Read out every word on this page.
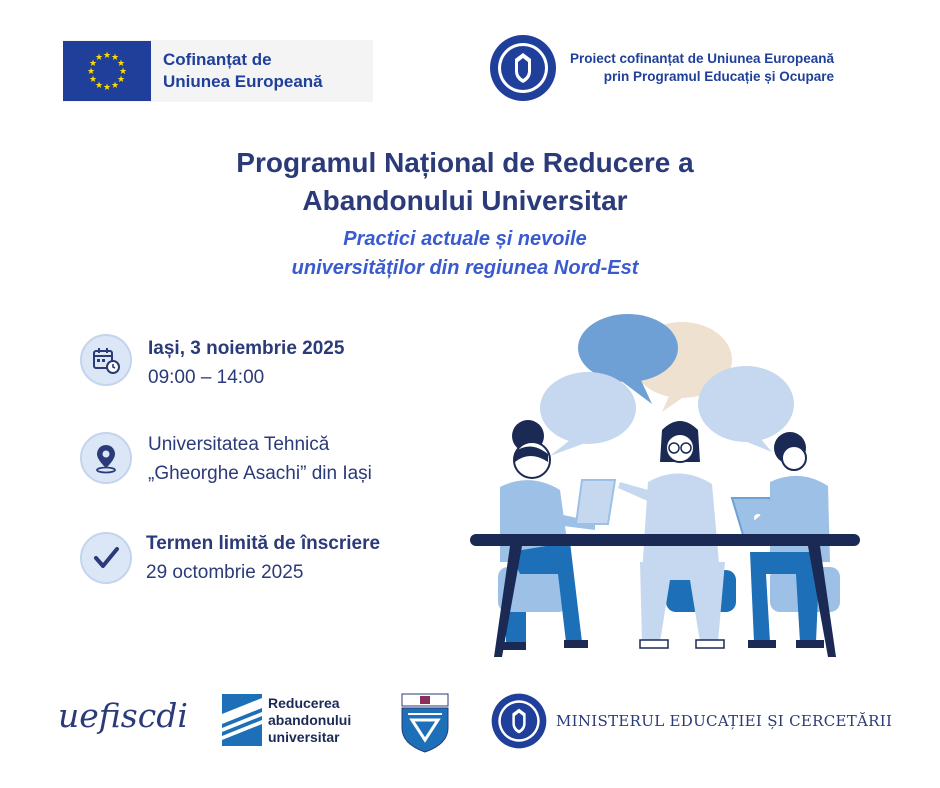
★ ★
★
★
★
★
★
★
★
★
★
★	Cofinanțat de
Uniunea Europeană
Proiect cofinanțat de Uniunea Europeană
prin Programul Educație și Ocupare
Programul Național de Reducere a
Abandonului Universitar
Practici actuale și nevoile
universităților din regiunea Nord-Est
Iași, 3 noiembrie 2025
09:00 – 14:00
Universitatea Tehnică
„Gheorghe Asachi” din Iași
Termen limită de înscriere
29 octombrie 2025
uefiscdi	Reducerea
abandonului
universitar
MINISTERUL EDUCAȚIEI ȘI CERCETĂRII
